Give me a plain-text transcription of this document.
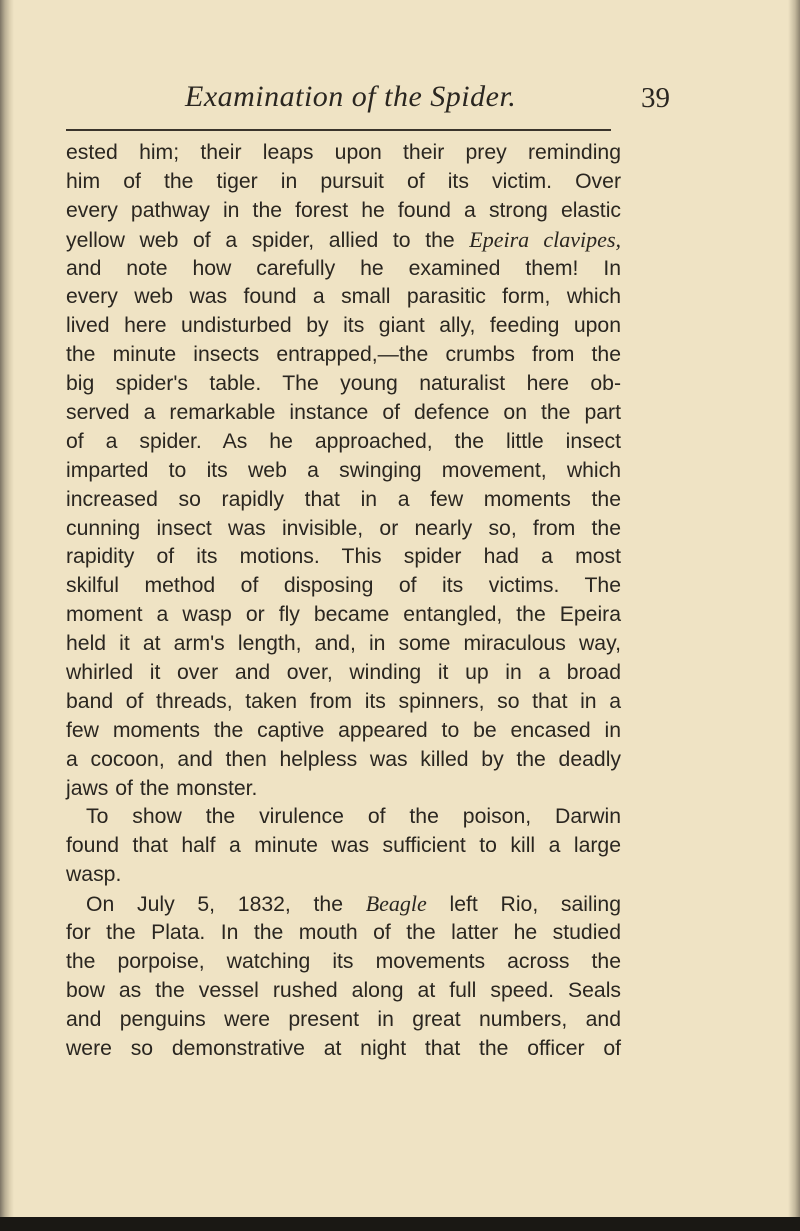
Examination of the Spider.	39
ested him; their leaps upon their prey reminding
him of the tiger in pursuit of its victim. Over
every pathway in the forest he found a strong elastic
yellow web of a spider, allied to the Epeira clavipes,
and note how carefully he examined them! In
every web was found a small parasitic form, which
lived here undisturbed by its giant ally, feeding upon
the minute insects entrapped,—the crumbs from the
big spider's table. The young naturalist here ob-
served a remarkable instance of defence on the part
of a spider. As he approached, the little insect
imparted to its web a swinging movement, which
increased so rapidly that in a few moments the
cunning insect was invisible, or nearly so, from the
rapidity of its motions. This spider had a most
skilful method of disposing of its victims. The
moment a wasp or fly became entangled, the Epeira
held it at arm's length, and, in some miraculous way,
whirled it over and over, winding it up in a broad
band of threads, taken from its spinners, so that in a
few moments the captive appeared to be encased in
a cocoon, and then helpless was killed by the deadly
jaws of the monster.
To show the virulence of the poison, Darwin
found that half a minute was sufficient to kill a large
wasp.
On July 5, 1832, the Beagle left Rio, sailing
for the Plata. In the mouth of the latter he studied
the porpoise, watching its movements across the
bow as the vessel rushed along at full speed. Seals
and penguins were present in great numbers, and
were so demonstrative at night that the officer of
